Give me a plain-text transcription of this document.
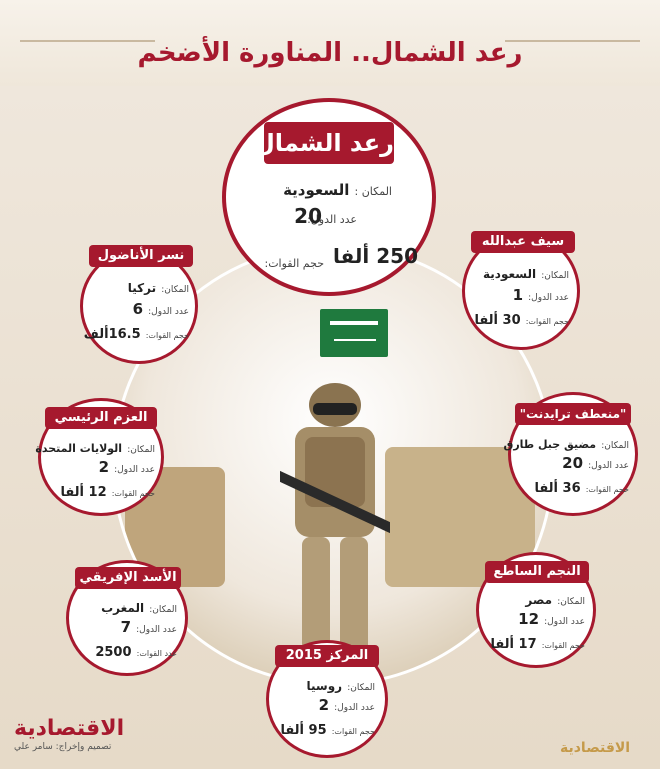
رعد الشمال.. المناورة الأضخم
رعد الشمال
المكان : السعودية
عدد الدول:
20
حجم القوات: 250 ألفا
نسر الأناضول
المكان: تركيا
عدد الدول: 6
حجم القوات: 16.5ألف
سيف عبدالله
المكان: السعودية
عدد الدول: 1
حجم القوات: 30 ألفا
العزم الرئيسي
المكان: الولايات المتحدة
عدد الدول: 2
حجم القوات: 12 ألفا
"منعطف ترايدنت"
المكان: مضيق جبل طارق
عدد الدول: 20
حجم القوات: 36 ألفا
الأسد الإفريقي
المكان: المغرب
عدد الدول: 7
عدد القوات: 2500
النجم الساطع
المكان: مصر
عدد الدول: 12
حجم القوات: 17 ألفا
المركز 2015
المكان: روسيا
عدد الدول: 2
حجم القوات: 95 ألفا
الاقتصادية
تصميم وإخراج: سامر علي	الاقتصادية
